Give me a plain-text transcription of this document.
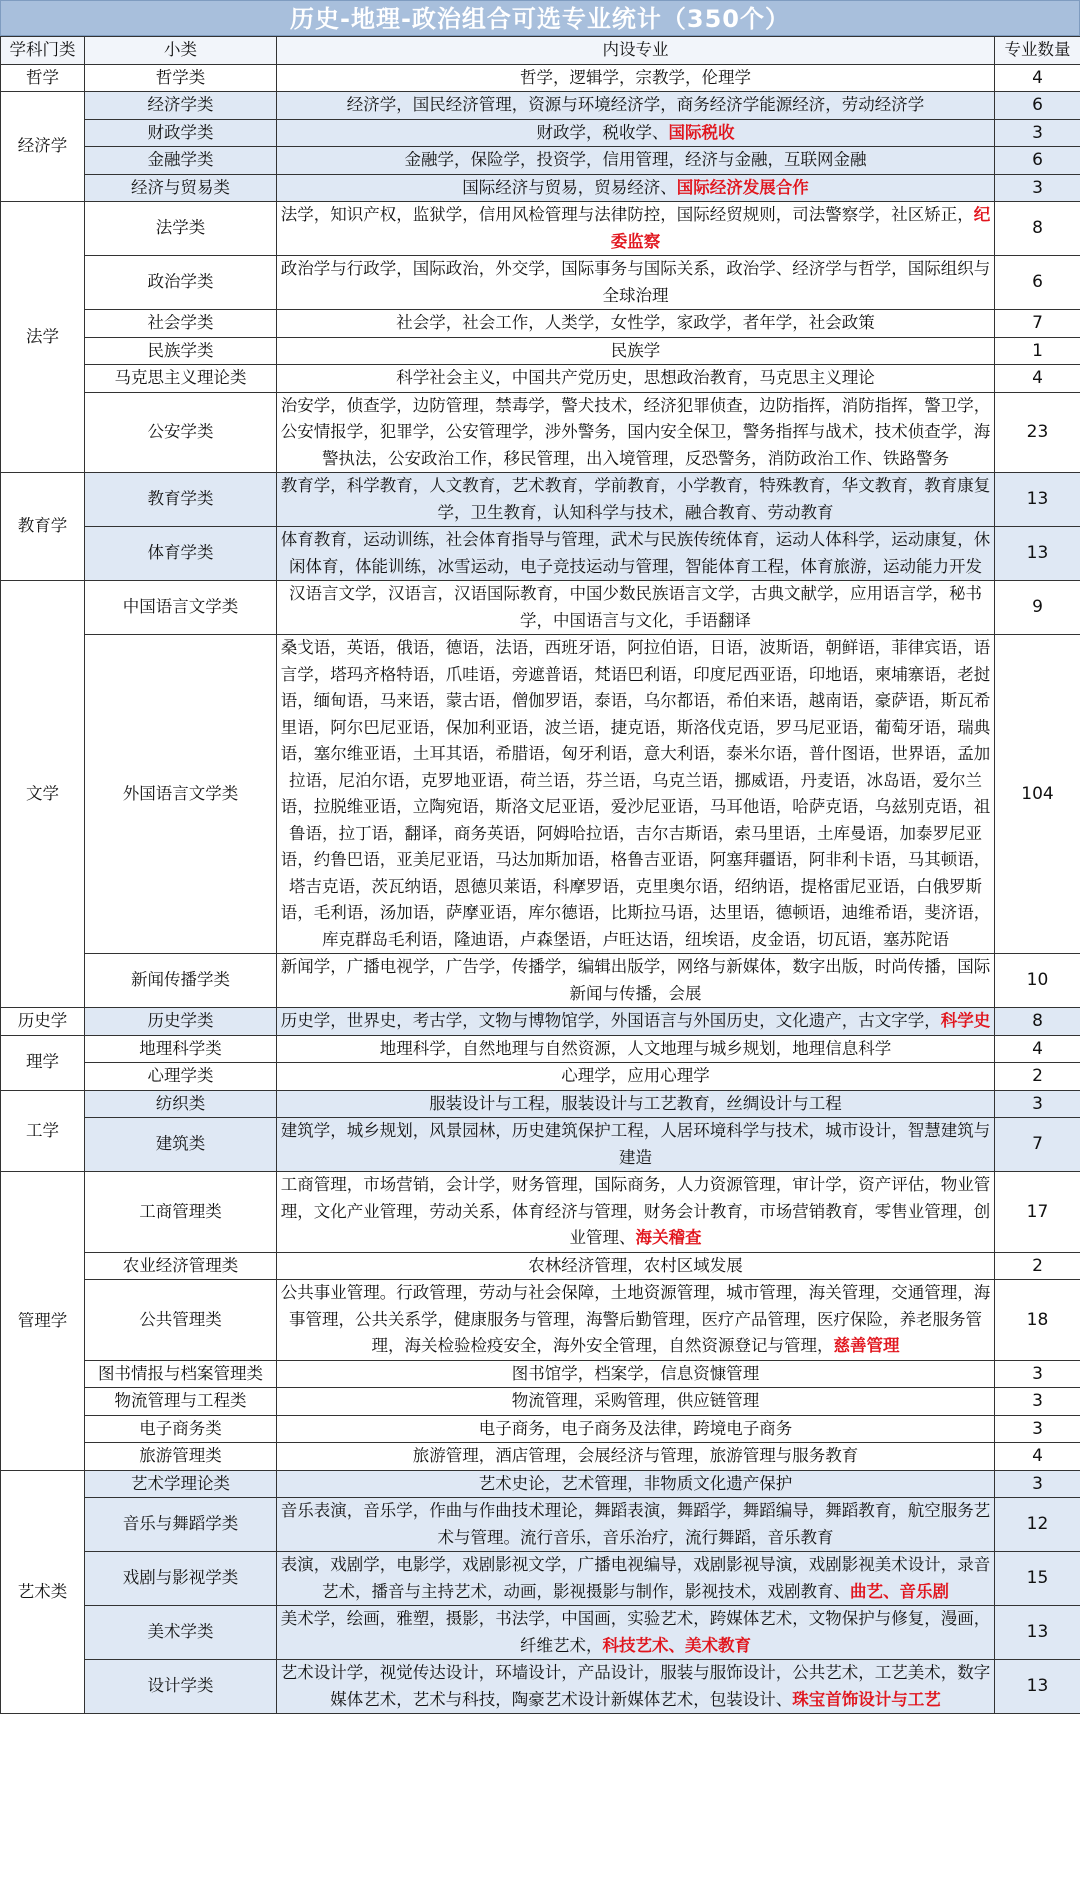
历史-地理-政治组合可选专业统计（350个）
学科门类	小类	内设专业	专业数量
哲学	哲学类	哲学，逻辑学，宗教学，伦理学	4
经济学	经济学类	经济学，国民经济管理，资源与环境经济学，商务经济学能源经济，劳动经济学	6
	财政学类	财政学，税收学、国际税收	3
	金融学类	金融学，保险学，投资学，信用管理，经济与金融，互联网金融	6
	经济与贸易类	国际经济与贸易，贸易经济、国际经济发展合作	3
法学	法学类	法学，知识产权，监狱学，信用风检管理与法律防控，国际经贸规则，司法警察学，社区矫正，纪委监察	8
	政治学类	政治学与行政学，国际政治，外交学，国际事务与国际关系，政治学、经济学与哲学，国际组织与全球治理	6
	社会学类	社会学，社会工作，人类学，女性学，家政学，者年学，社会政策	7
	民族学类	民族学	1
	马克思主义理论类	科学社会主义，中国共产党历史，思想政治教育，马克思主义理论	4
	公安学类	治安学，侦查学，边防管理，禁毒学，警犬技术，经济犯罪侦查，边防指挥，消防指挥，警卫学，公安情报学，犯罪学，公安管理学，涉外警务，国内安全保卫，警务指挥与战术，技术侦查学，海警执法，公安政治工作，移民管理，出入境管理，反恐警务，消防政治工作、铁路警务	23
教育学	教育学类	教育学，科学教育，人文教育，艺术教育，学前教育，小学教育，特殊教育，华文教育，教育康复学，卫生教育，认知科学与技术，融合教育、劳动教育	13
	体育学类	体育教育，运动训练，社会体育指导与管理，武术与民族传统体育，运动人体科学，运动康复，休闲体育，体能训练，冰雪运动，电子竞技运动与管理，智能体育工程，体育旅游，运动能力开发	13
文学	中国语言文学类	汉语言文学，汉语言，汉语国际教育，中国少数民族语言文学，古典文献学，应用语言学，秘书学，中国语言与文化，手语翻译	9
	外国语言文学类	桑戈语，英语，俄语，德语，法语，西班牙语，阿拉伯语，日语，波斯语，朝鲜语，菲律宾语，语言学，塔玛齐格特语，爪哇语，旁遮普语，梵语巴利语，印度尼西亚语，印地语，柬埔寨语，老挝语，缅甸语，马来语，蒙古语，僧伽罗语，泰语，乌尔都语，希伯来语，越南语，豪萨语，斯瓦希里语，阿尔巴尼亚语，保加利亚语，波兰语，捷克语，斯洛伐克语，罗马尼亚语，葡萄牙语，瑞典语，塞尔维亚语，土耳其语，希腊语，匈牙利语，意大利语，泰米尔语，普什图语，世界语，孟加拉语，尼泊尔语，克罗地亚语，荷兰语，芬兰语，乌克兰语，挪威语，丹麦语，冰岛语，爱尔兰语，拉脱维亚语，立陶宛语，斯洛文尼亚语，爱沙尼亚语，马耳他语，哈萨克语，乌兹别克语，祖鲁语，拉丁语，翻译，商务英语，阿姆哈拉语，吉尔吉斯语，索马里语，土库曼语，加泰罗尼亚语，约鲁巴语，亚美尼亚语，马达加斯加语，格鲁吉亚语，阿塞拜疆语，阿非利卡语，马其顿语，塔吉克语，茨瓦纳语，恩德贝莱语，科摩罗语，克里奥尔语，绍纳语，提格雷尼亚语，白俄罗斯语，毛利语，汤加语，萨摩亚语，库尔德语，比斯拉马语，达里语，德顿语，迪维希语，斐济语，库克群岛毛利语，隆迪语，卢森堡语，卢旺达语，纽埃语，皮金语，切瓦语，塞苏陀语	104
	新闻传播学类	新闻学，广播电视学，广告学，传播学，编辑出版学，网络与新媒体，数字出版，时尚传播，国际新闻与传播，会展	10
历史学	历史学类	历史学，世界史，考古学，文物与博物馆学，外国语言与外国历史，文化遗产，古文字学，科学史	8
理学	地理科学类	地理科学，自然地理与自然资源，人文地理与城乡规划，地理信息科学	4
	心理学类	心理学，应用心理学	2
工学	纺织类	服装设计与工程，服装设计与工艺教育，丝绸设计与工程	3
	建筑类	建筑学，城乡规划，风景园林，历史建筑保护工程，人居环境科学与技术，城市设计，智慧建筑与建造	7
管理学	工商管理类	工商管理，市场营销，会计学，财务管理，国际商务，人力资源管理，审计学，资产评估，物业管理，文化产业管理，劳动关系，体育经济与管理，财务会计教育，市场营销教育，零售业管理，创业管理、海关稽查	17
	农业经济管理类	农林经济管理，农村区域发展	2
	公共管理类	公共事业管理。行政管理，劳动与社会保障，土地资源管理，城市管理，海关管理，交通管理，海事管理，公共关系学，健康服务与管理，海警后勤管理，医疗产品管理，医疗保险，养老服务管理，海关检验检疫安全，海外安全管理，自然资源登记与管理，慈善管理	18
	图书情报与档案管理类	图书馆学，档案学，信息资慷管理	3
	物流管理与工程类	物流管理，采购管理，供应链管理	3
	电子商务类	电子商务，电子商务及法律，跨境电子商务	3
	旅游管理类	旅游管理，酒店管理，会展经济与管理，旅游管理与服务教育	4
艺术类	艺术学理论类	艺术史论，艺术管理，非物质文化遗产保护	3
	音乐与舞蹈学类	音乐表演，音乐学，作曲与作曲技术理论，舞蹈表演，舞蹈学，舞蹈编导，舞蹈教育，航空服务艺术与管理。流行音乐，音乐治疗，流行舞蹈，音乐教育	12
	戏剧与影视学类	表演，戏剧学，电影学，戏剧影视文学，广播电视编导，戏剧影视导演，戏剧影视美术设计，录音艺术，播音与主持艺术，动画，影视摄影与制作，影视技术，戏剧教育、曲艺、音乐剧	15
	美术学类	美术学，绘画，雅塑，摄影，书法学，中国画，实验艺术，跨媒体艺术，文物保护与修复，漫画，纤维艺术，科技艺术、美术教育	13
	设计学类	艺术设计学，视觉传达设计，环墙设计，产品设计，服装与服饰设计，公共艺术，工艺美术，数字媒体艺术，艺术与科技，陶豪艺术设计新媒体艺术，包装设计、珠宝首饰设计与工艺	13
